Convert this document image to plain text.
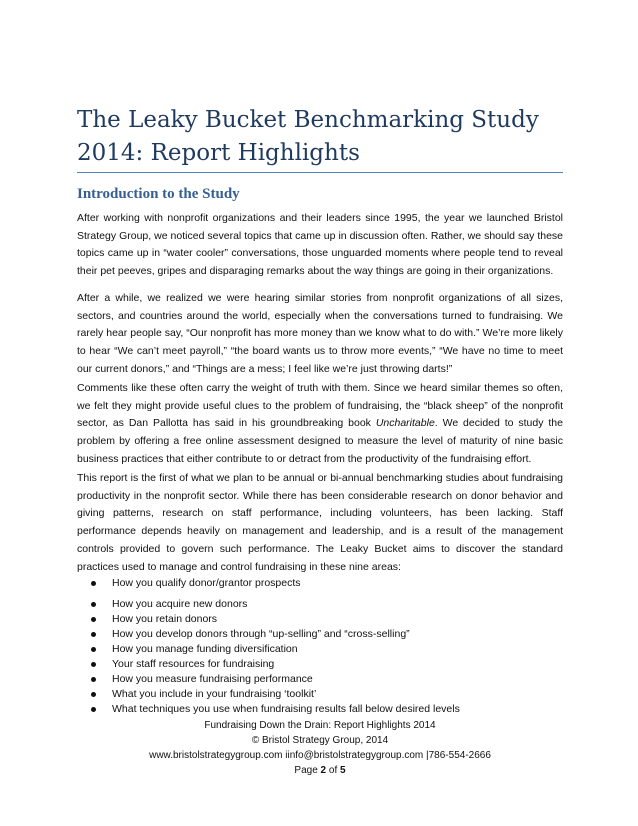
The Leaky Bucket Benchmarking Study
2014: Report Highlights
Introduction to the Study

After working with nonprofit organizations and their leaders since 1995, the year we launched Bristol Strategy Group, we noticed several topics that came up in discussion often. Rather, we should say these topics came up in “water cooler” conversations, those unguarded moments where people tend to reveal their pet peeves, gripes and disparaging remarks about the way things are going in their organizations.

After a while, we realized we were hearing similar stories from nonprofit organizations of all sizes, sectors, and countries around the world, especially when the conversations turned to fundraising. We rarely hear people say, “Our nonprofit has more money than we know what to do with.” We’re more likely to hear “We can’t meet payroll,” “the board wants us to throw more events,” “We have no time to meet our current donors,” and “Things are a mess; I feel like we’re just throwing darts!”

Comments like these often carry the weight of truth with them. Since we heard similar themes so often, we felt they might provide useful clues to the problem of fundraising, the “black sheep” of the nonprofit sector, as Dan Pallotta has said in his groundbreaking book Uncharitable. We decided to study the problem by offering a free online assessment designed to measure the level of maturity of nine basic business practices that either contribute to or detract from the productivity of the fundraising effort.

This report is the first of what we plan to be annual or bi-annual benchmarking studies about fundraising productivity in the nonprofit sector. While there has been considerable research on donor behavior and giving patterns, research on staff performance, including volunteers, has been lacking. Staff performance depends heavily on management and leadership, and is a result of the management controls provided to govern such performance. The Leaky Bucket aims to discover the standard practices used to manage and control fundraising in these nine areas:

How you qualify donor/grantor prospects
How you acquire new donors
How you retain donors
How you develop donors through “up-selling” and “cross-selling”
How you manage funding diversification
Your staff resources for fundraising
How you measure fundraising performance
What you include in your fundraising ‘toolkit’
What techniques you use when fundraising results fall below desired levels
Fundraising Down the Drain: Report Highlights 2014
© Bristol Strategy Group, 2014
www.bristolstrategygroup.com iinfo@bristolstrategygroup.com |786-554-2666
Page 2 of 5
